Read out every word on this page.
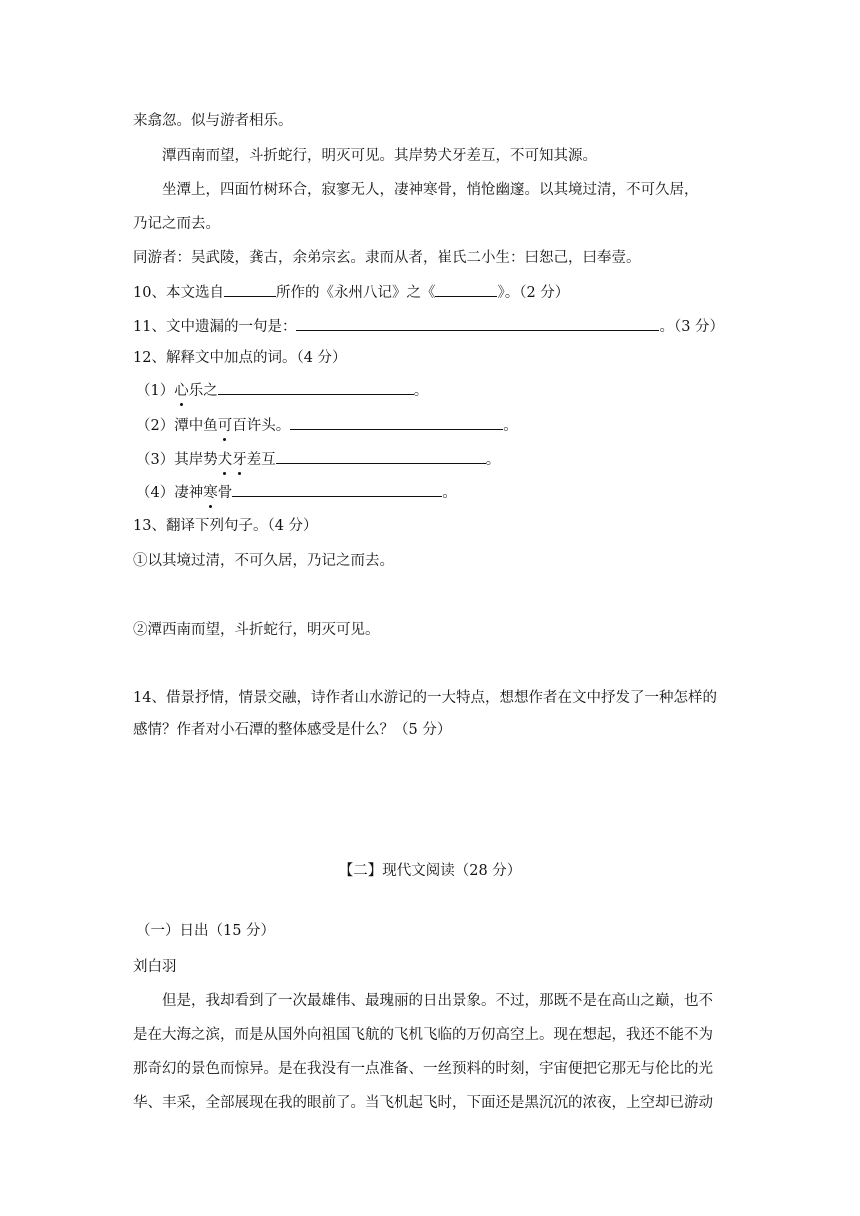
来翕忽。似与游者相乐。
潭西南而望，斗折蛇行，明灭可见。其岸势犬牙差互，不可知其源。
坐潭上，四面竹树环合，寂寥无人，凄神寒骨，悄怆幽邃。以其境过清，不可久居，
乃记之而去。
同游者：吴武陵，龚古，余弟宗玄。隶而从者，崔氏二小生：曰恕己，曰奉壹。
10、本文选自	所作的《永州八记》之《	》。（2 分）
11、文中遗漏的一句是：	。（3 分）
12、解释文中加点的词。（4 分）
（1）心乐之	。
（2）潭中鱼可百许头。	。
（3）其岸势犬牙差互	。
（4）凄神寒骨	。
13、翻译下列句子。（4 分）
①以其境过清，不可久居，乃记之而去。
②潭西南而望，斗折蛇行，明灭可见。
14、借景抒情，情景交融，诗作者山水游记的一大特点，想想作者在文中抒发了一种怎样的
感情？作者对小石潭的整体感受是什么？（5 分）
【二】现代文阅读（28 分）
（一）日出（15 分）
刘白羽
但是，我却看到了一次最雄伟、最瑰丽的日出景象。不过，那既不是在高山之巅，也不
是在大海之滨，而是从国外向祖国飞航的飞机飞临的万仞高空上。现在想起，我还不能不为
那奇幻的景色而惊异。是在我没有一点准备、一丝预料的时刻，宇宙便把它那无与伦比的光
华、丰采，全部展现在我的眼前了。当飞机起飞时，下面还是黑沉沉的浓夜，上空却已游动
